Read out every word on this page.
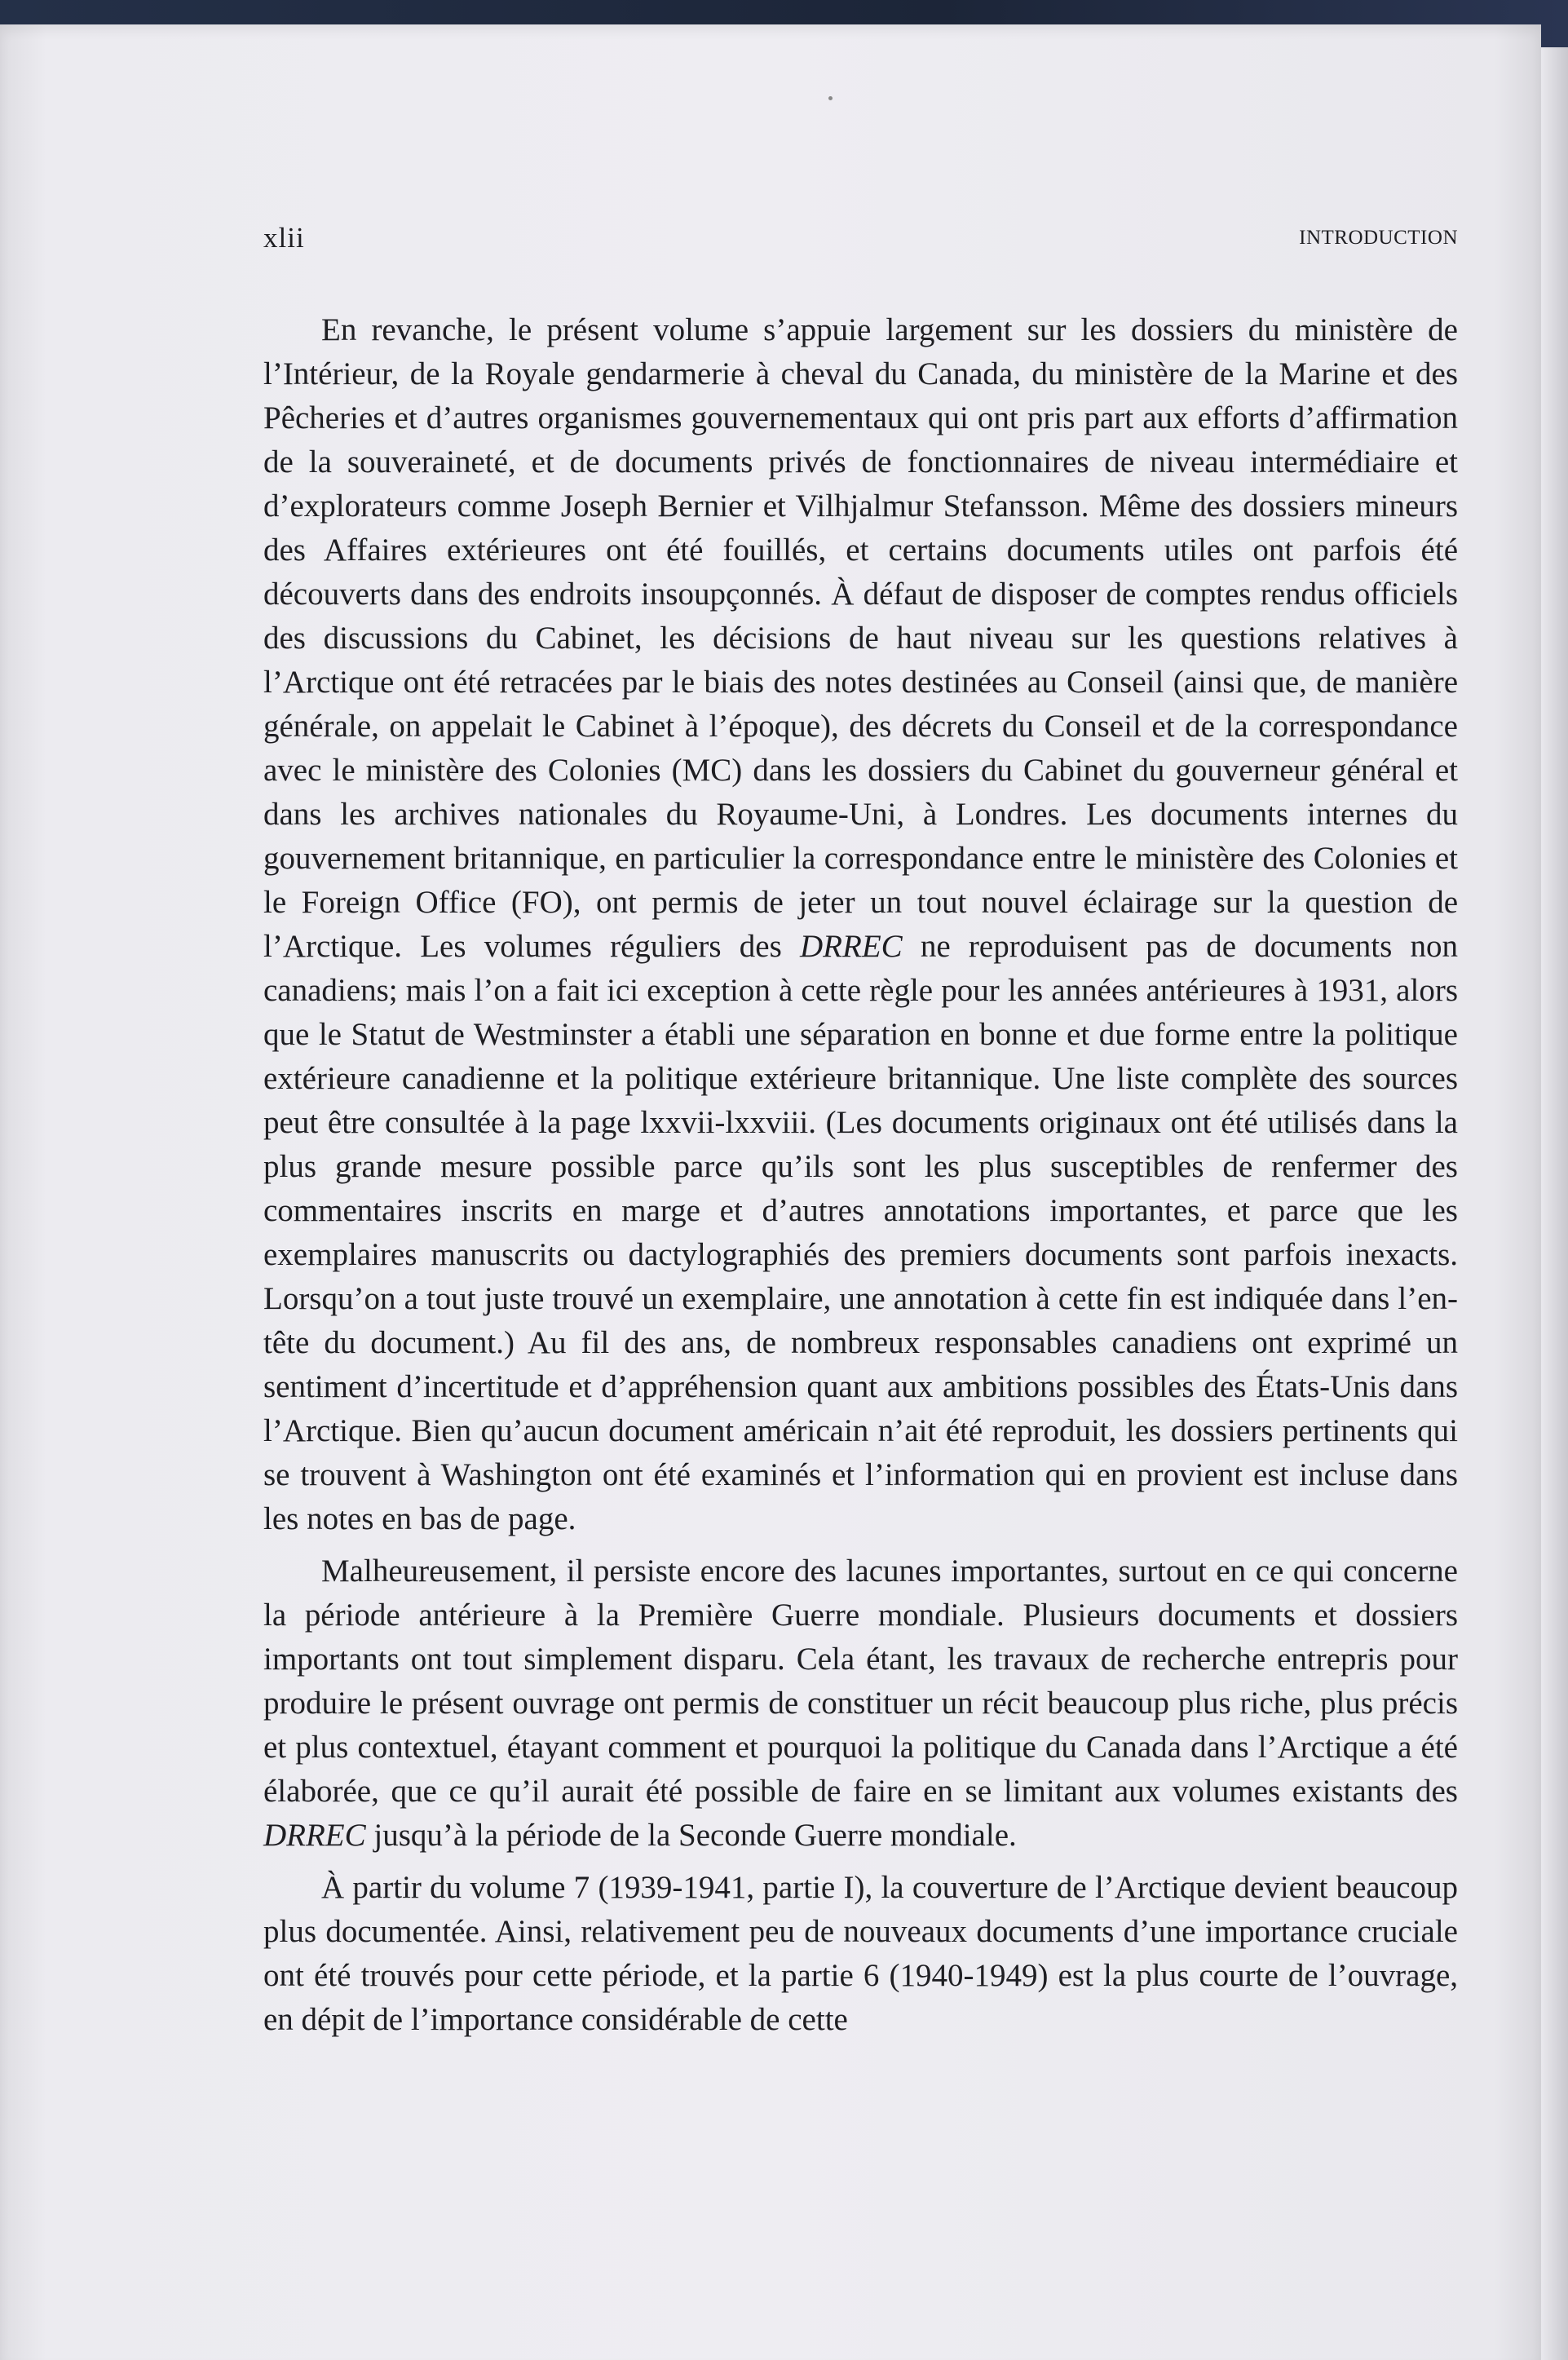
xlii	INTRODUCTION

En revanche, le présent volume s’appuie largement sur les dossiers du ministère de l’Intérieur, de la Royale gendarmerie à cheval du Canada, du ministère de la Marine et des Pêcheries et d’autres organismes gouvernementaux qui ont pris part aux efforts d’affirmation de la souveraineté, et de documents privés de fonctionnaires de niveau intermédiaire et d’explorateurs comme Joseph Bernier et Vilhjalmur Stefansson. Même des dossiers mineurs des Affaires extérieures ont été fouillés, et certains documents utiles ont parfois été découverts dans des endroits insoupçonnés. À défaut de disposer de comptes rendus officiels des discussions du Cabinet, les décisions de haut niveau sur les questions relatives à l’Arctique ont été retracées par le biais des notes destinées au Conseil (ainsi que, de manière générale, on appelait le Cabinet à l’époque), des décrets du Conseil et de la correspondance avec le ministère des Colonies (MC) dans les dossiers du Cabinet du gouverneur général et dans les archives nationales du Royaume-Uni, à Londres. Les documents internes du gouvernement britannique, en particulier la correspondance entre le ministère des Colonies et le Foreign Office (FO), ont permis de jeter un tout nouvel éclairage sur la question de l’Arctique. Les volumes réguliers des DRREC ne reproduisent pas de documents non canadiens; mais l’on a fait ici exception à cette règle pour les années antérieures à 1931, alors que le Statut de Westminster a établi une séparation en bonne et due forme entre la politique extérieure canadienne et la politique extérieure britannique. Une liste complète des sources peut être consultée à la page lxxvii-lxxviii. (Les documents originaux ont été utilisés dans la plus grande mesure possible parce qu’ils sont les plus susceptibles de renfermer des commentaires inscrits en marge et d’autres annotations importantes, et parce que les exemplaires manuscrits ou dactylographiés des premiers documents sont parfois inexacts. Lorsqu’on a tout juste trouvé un exemplaire, une annotation à cette fin est indiquée dans l’en-tête du document.) Au fil des ans, de nombreux responsables canadiens ont exprimé un sentiment d’incertitude et d’appréhension quant aux ambitions possibles des États-Unis dans l’Arctique. Bien qu’aucun document américain n’ait été reproduit, les dossiers pertinents qui se trouvent à Washington ont été examinés et l’information qui en provient est incluse dans les notes en bas de page.

Malheureusement, il persiste encore des lacunes importantes, surtout en ce qui concerne la période antérieure à la Première Guerre mondiale. Plusieurs documents et dossiers importants ont tout simplement disparu. Cela étant, les travaux de recherche entrepris pour produire le présent ouvrage ont permis de constituer un récit beaucoup plus riche, plus précis et plus contextuel, étayant comment et pourquoi la politique du Canada dans l’Arctique a été élaborée, que ce qu’il aurait été possible de faire en se limitant aux volumes existants des DRREC jusqu’à la période de la Seconde Guerre mondiale.

À partir du volume 7 (1939-1941, partie I), la couverture de l’Arctique devient beaucoup plus documentée. Ainsi, relativement peu de nouveaux documents d’une importance cruciale ont été trouvés pour cette période, et la partie 6 (1940-1949) est la plus courte de l’ouvrage, en dépit de l’importance considérable de cette
